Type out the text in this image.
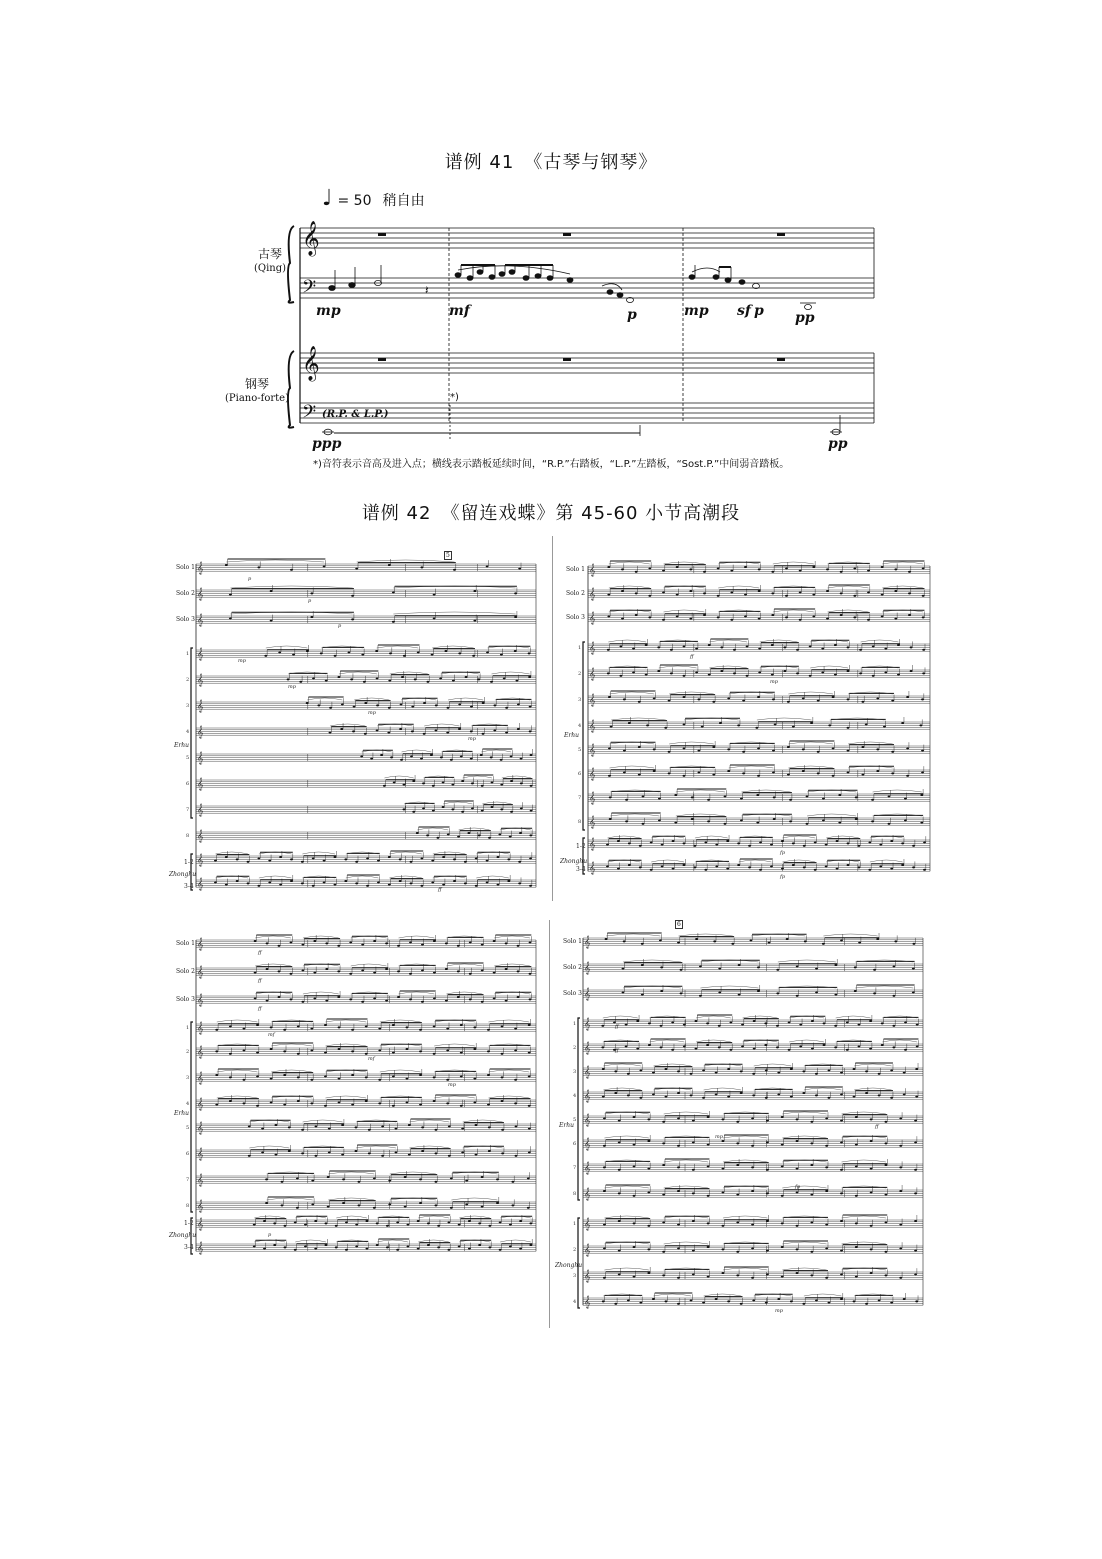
谱例 41　《古琴与钢琴》
♩ = 50 稍自由
古琴
(Qing)
钢琴
(Piano-forte)
𝄞
𝄢
𝄞
𝄢
𝄽
mp	mf	p	mp sf p pp
(R.P. & L.P.)
*)
ppp	pp
*)音符表示音高及进入点；横线表示踏板延续时间，“R.P.”右踏板，“L.P.”左踏板，“Sost.P.”中间弱音踏板。
谱例 42　《留连戏蝶》第 45-60 小节高潮段
𝄞
𝄞
𝄞
𝄞
1
𝄞
2
𝄞
3
𝄞
4
𝄞
5
𝄞
6
𝄞
7
𝄞
8
𝄞
𝄞
p
p
p
mp
mp
mp
mp
ff
Solo 1
Solo 2
Solo 3
Erhu
Zhonghu
1-2
3-4
5
𝄞
𝄞
𝄞
𝄞
1
𝄞
2
𝄞
3
𝄞
4
𝄞
5
𝄞
6
𝄞
7
𝄞
8
𝄞
𝄞
ff
mp
fp
fp
Solo 1
Solo 2
Solo 3
Erhu
Zhonghu
1-2
3-4
𝄞
𝄞
𝄞
𝄞
1
𝄞
2
𝄞
3
𝄞
4
𝄞
5
𝄞
6
𝄞
7
𝄞
8
𝄞
𝄞
ff
ff
ff
mf
mf
mp
p
Solo 1
Solo 2
Solo 3
Erhu
Zhonghu
1-2
3-4
𝄞
𝄞
𝄞
𝄞
1
𝄞
2
𝄞
3
𝄞
4
𝄞
5
𝄞
6
𝄞
7
𝄞
8
𝄞
1
𝄞
2
𝄞
3
𝄞
4
ff
ff
mp
fp
ff
mp
Solo 1
Solo 2
Solo 3
Erhu
Zhonghu
6
